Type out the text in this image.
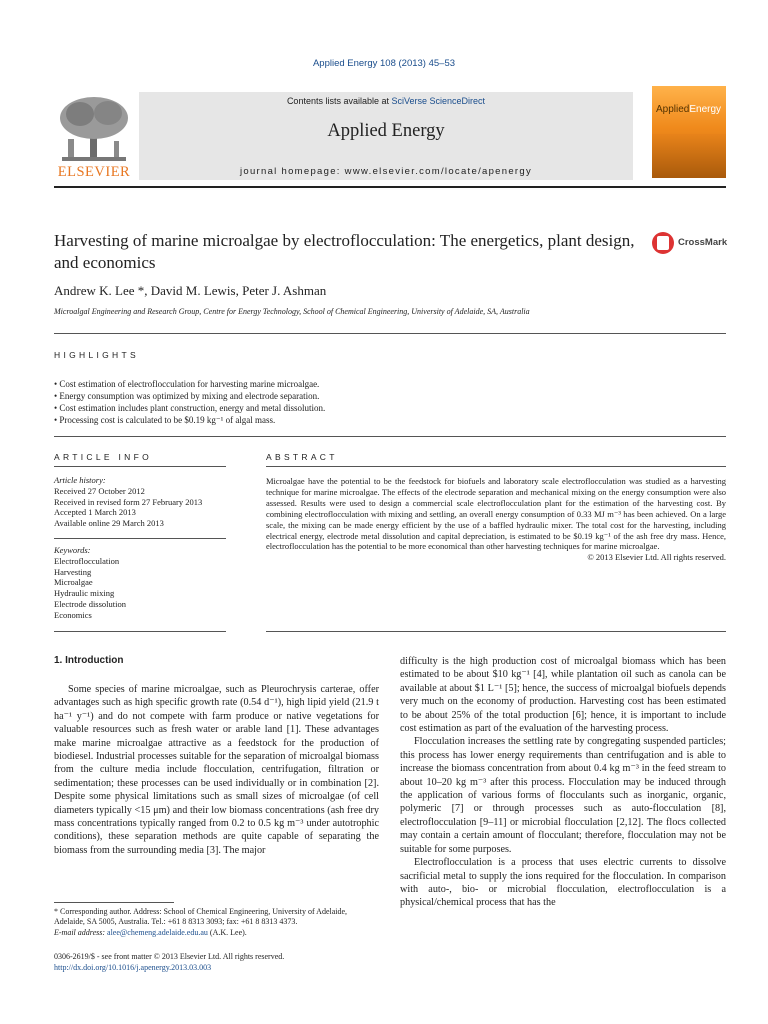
Applied Energy 108 (2013) 45–53
ELSEVIER
Contents lists available at SciVerse ScienceDirect
Applied Energy
journal homepage: www.elsevier.com/locate/apenergy
AppliedEnergy
Harvesting of marine microalgae by electroflocculation: The energetics, plant design, and economics
CrossMark
Andrew K. Lee *, David M. Lewis, Peter J. Ashman
Microalgal Engineering and Research Group, Centre for Energy Technology, School of Chemical Engineering, University of Adelaide, SA, Australia
HIGHLIGHTS
• Cost estimation of electroflocculation for harvesting marine microalgae.
• Energy consumption was optimized by mixing and electrode separation.
• Cost estimation includes plant construction, energy and metal dissolution.
• Processing cost is calculated to be $0.19 kg⁻¹ of algal mass.
ARTICLE INFO
Article history:
Received 27 October 2012
Received in revised form 27 February 2013
Accepted 1 March 2013
Available online 29 March 2013
Keywords:
Electroflocculation
Harvesting
Microalgae
Hydraulic mixing
Electrode dissolution
Economics
ABSTRACT
Microalgae have the potential to be the feedstock for biofuels and laboratory scale electroflocculation was studied as a harvesting technique for marine microalgae. The effects of the electrode separation and mechanical mixing on the energy consumption were also assessed. Results were used to design a commercial scale electroflocculation plant for the estimation of the harvesting cost. By combining electroflocculation with mixing and settling, an overall energy consumption of 0.33 MJ m⁻³ has been achieved. On a large scale, the mixing can be made energy efficient by the use of a baffled hydraulic mixer. The total cost for the harvesting, including electrical energy, electrode metal dissolution and capital depreciation, is estimated to be $0.19 kg⁻¹ of the ash free dry mass. Hence, electroflocculation has the potential to be more economical than other harvesting techniques for marine microalgae.
© 2013 Elsevier Ltd. All rights reserved.
1. Introduction
Some species of marine microalgae, such as Pleurochrysis carterae, offer advantages such as high specific growth rate (0.54 d⁻¹), high lipid yield (21.9 t ha⁻¹ y⁻¹) and do not compete with farm produce or native vegetations for valuable resources such as fresh water or arable land [1]. These advantages make marine microalgae attractive as a feedstock for the production of biodiesel. Industrial processes suitable for the separation of microalgal biomass from the culture media include flocculation, centrifugation, filtration or sedimentation; these processes can be used individually or in combination [2]. Despite some physical limitations such as small sizes of microalgae (of cell diameters typically <15 μm) and their low biomass concentrations (ash free dry mass concentrations typically ranged from 0.2 to 0.5 kg m⁻³ under autotrophic conditions), these separation methods are quite capable of separating the biomass from the surrounding media [3]. The major
difficulty is the high production cost of microalgal biomass which has been estimated to be about $10 kg⁻¹ [4], while plantation oil such as canola can be available at about $1 L⁻¹ [5]; hence, the success of microalgal biofuels depends very much on the economy of production. Harvesting cost has been estimated to be about 25% of the total production [6]; hence, it is important to include cost estimation as part of the evaluation of the harvesting process.
Flocculation increases the settling rate by congregating suspended particles; this process has lower energy requirements than centrifugation and is able to increase the biomass concentration from about 0.4 kg m⁻³ in the feed stream to about 10–20 kg m⁻³ after this process. Flocculation may be induced through the application of various forms of flocculants such as inorganic, organic, polymeric [7] or through processes such as auto-flocculation [8], electroflocculation [9–11] or microbial flocculation [2,12]. The flocs collected may contain a certain amount of flocculant; therefore, flocculation may not be suitable for some purposes.
Electroflocculation is a process that uses electric currents to dissolve sacrificial metal to supply the ions required for the flocculation. In comparison with auto-, bio- or microbial flocculation, electroflocculation is a physical/chemical process that has the
* Corresponding author. Address: School of Chemical Engineering, University of Adelaide, Adelaide, SA 5005, Australia. Tel.: +61 8 8313 3093; fax: +61 8 8313 4373.
E-mail address: alee@chemeng.adelaide.edu.au (A.K. Lee).
0306-2619/$ - see front matter © 2013 Elsevier Ltd. All rights reserved.
http://dx.doi.org/10.1016/j.apenergy.2013.03.003
